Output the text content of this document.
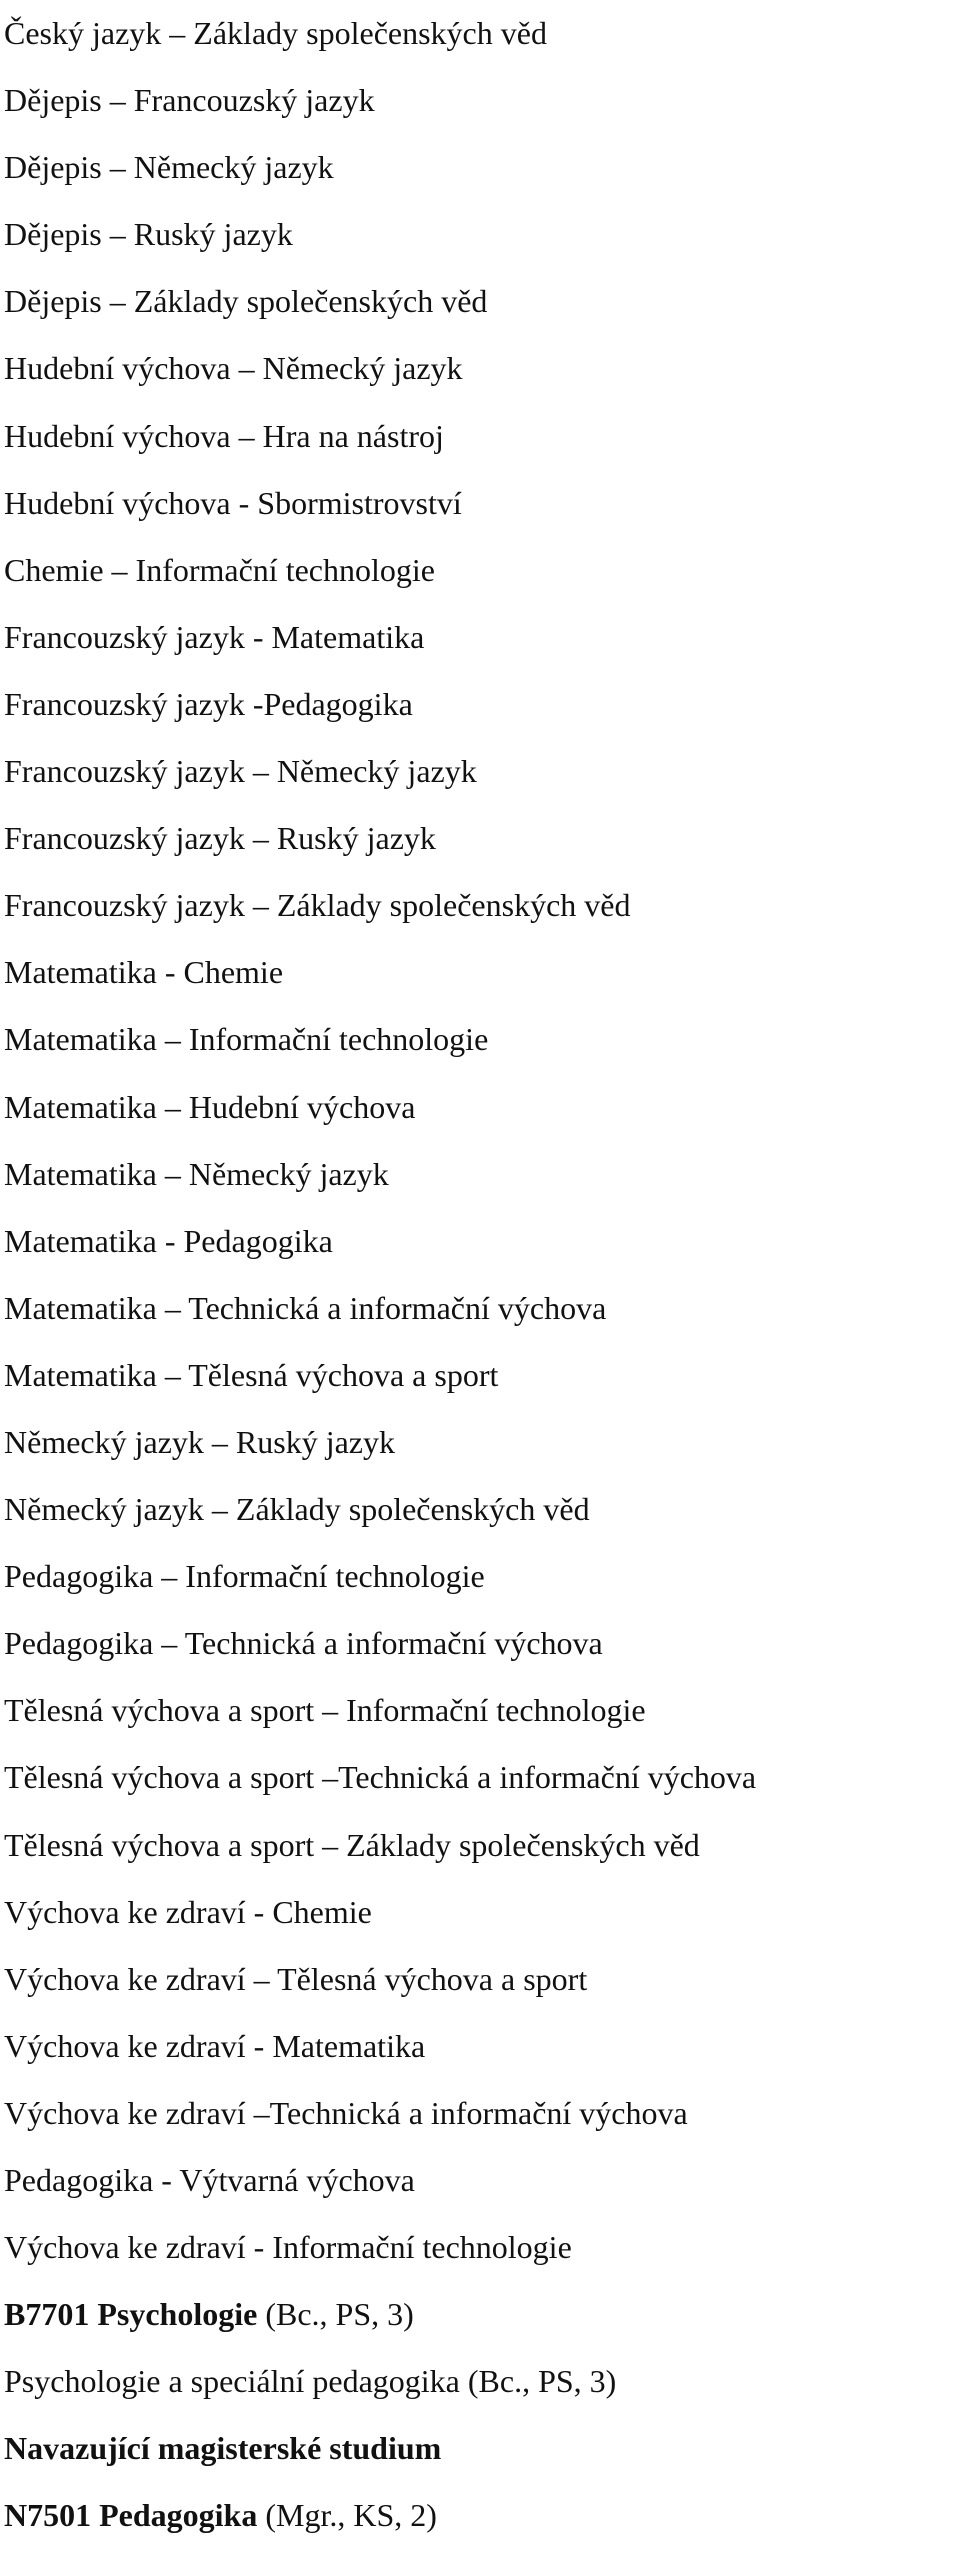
Český jazyk – Základy společenských věd
Dějepis – Francouzský jazyk
Dějepis – Německý jazyk
Dějepis – Ruský jazyk
Dějepis – Základy společenských věd
Hudební výchova – Německý jazyk
Hudební výchova – Hra na nástroj
Hudební výchova - Sbormistrovství
Chemie – Informační technologie
Francouzský jazyk - Matematika
Francouzský jazyk -Pedagogika
Francouzský jazyk – Německý jazyk
Francouzský jazyk – Ruský jazyk
Francouzský jazyk – Základy společenských věd
Matematika - Chemie
Matematika – Informační technologie
Matematika – Hudební výchova
Matematika – Německý jazyk
Matematika - Pedagogika
Matematika – Technická a informační výchova
Matematika – Tělesná výchova a sport
Německý jazyk – Ruský jazyk
Německý jazyk – Základy společenských věd
Pedagogika – Informační technologie
Pedagogika – Technická a informační výchova
Tělesná výchova a sport – Informační technologie
Tělesná výchova a sport –Technická a informační výchova
Tělesná výchova a sport – Základy společenských věd
Výchova ke zdraví - Chemie
Výchova ke zdraví – Tělesná výchova a sport
Výchova ke zdraví - Matematika
Výchova ke zdraví –Technická a informační výchova
Pedagogika - Výtvarná výchova
Výchova ke zdraví - Informační technologie
B7701 Psychologie (Bc., PS, 3)
Psychologie a speciální pedagogika (Bc., PS, 3)
Navazující magisterské studium
N7501 Pedagogika (Mgr., KS, 2)
